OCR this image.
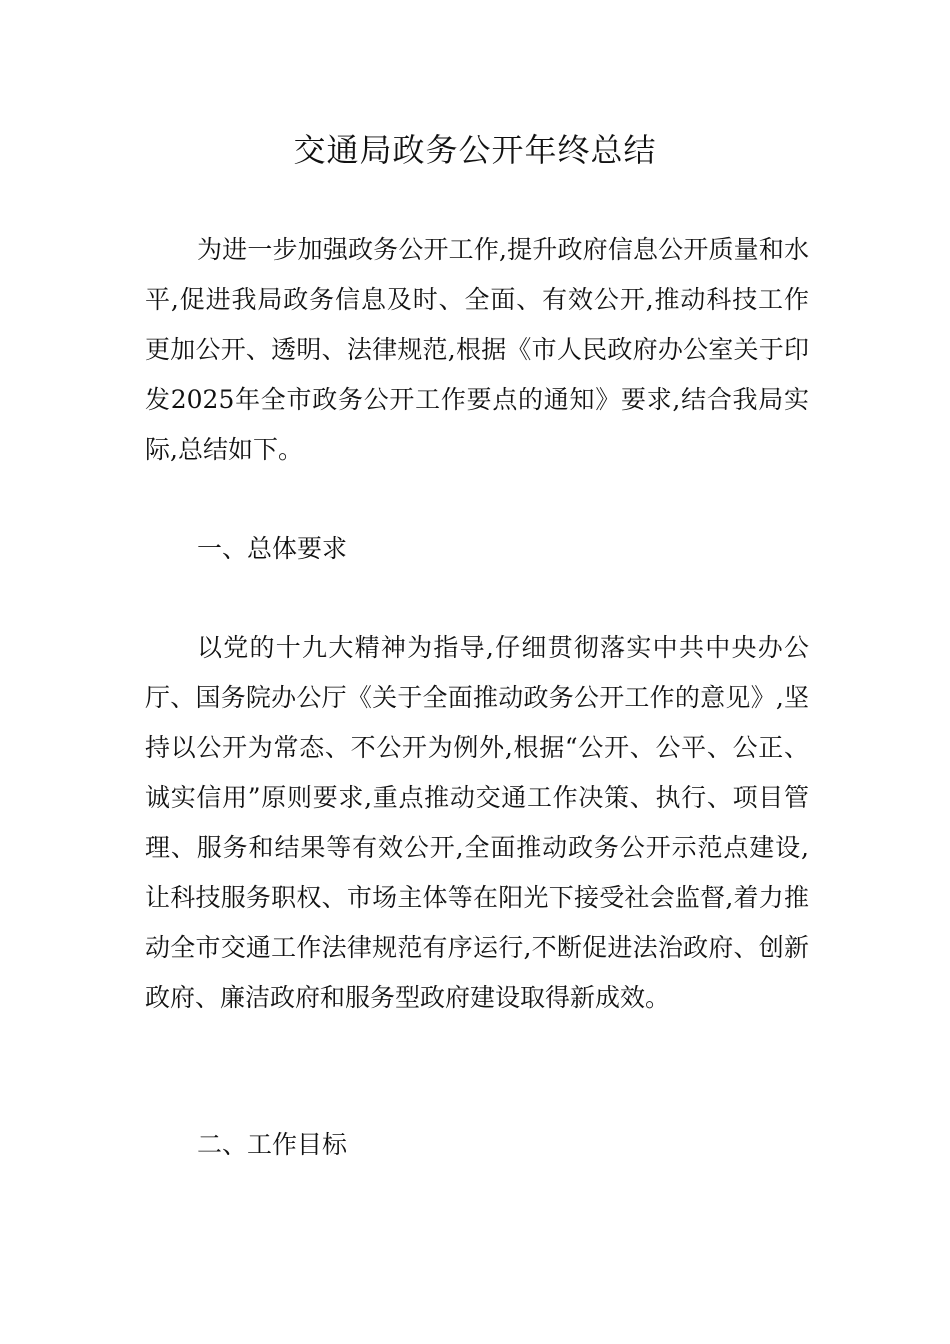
交通局政务公开年终总结

为进一步加强政务公开工作,提升政府信息公开质量和水平,促进我局政务信息及时、全面、有效公开,推动科技工作更加公开、透明、法律规范,根据《市人民政府办公室关于印发2025年全市政务公开工作要点的通知》要求,结合我局实际,总结如下。

一、总体要求

以党的十九大精神为指导,仔细贯彻落实中共中央办公厅、国务院办公厅《关于全面推动政务公开工作的意见》,坚持以公开为常态、不公开为例外,根据“公开、公平、公正、诚实信用”原则要求,重点推动交通工作决策、执行、项目管理、服务和结果等有效公开,全面推动政务公开示范点建设,让科技服务职权、市场主体等在阳光下接受社会监督,着力推动全市交通工作法律规范有序运行,不断促进法治政府、创新政府、廉洁政府和服务型政府建设取得新成效。

二、工作目标
